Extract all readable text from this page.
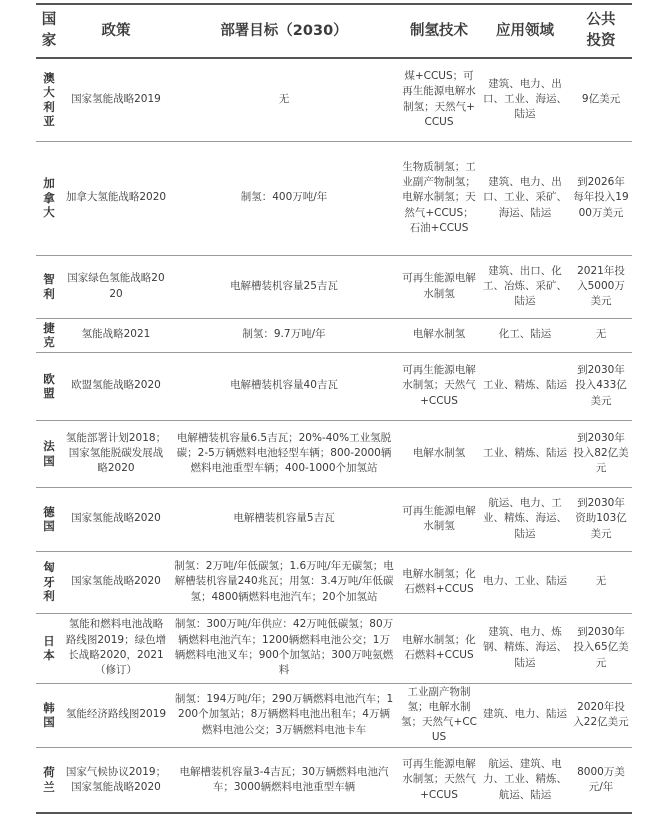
国家	政策	部署目标（2030）	制氢技术	应用领域	公共投资

澳大利亚	国家氢能战略2019	无	煤+CCUS；可再生能源电解水制氢；天然气+CCUS	建筑、电力、出口、工业、海运、陆运	9亿美元

加拿大	加拿大氢能战略2020	制氢：400万吨/年	生物质制氢；工业副产物制氢；电解水制氢；天然气+CCUS；石油+CCUS	建筑、电力、出口、工业、采矿、海运、陆运	到2026年每年投入1900万美元

智利	国家绿色氢能战略2020	电解槽装机容量25吉瓦	可再生能源电解水制氢	建筑、出口、化工、冶炼、采矿、陆运	2021年投入5000万美元

捷克	氢能战略2021	制氢：9.7万吨/年	电解水制氢	化工、陆运	无

欧盟	欧盟氢能战略2020	电解槽装机容量40吉瓦	可再生能源电解水制氢；天然气+CCUS	工业、精炼、陆运	到2030年投入433亿美元

法国	氢能部署计划2018；国家氢能脱碳发展战略2020	电解槽装机容量6.5吉瓦；20%-40%工业氢脱碳；2-5万辆燃料电池轻型车辆；800-2000辆燃料电池重型车辆；400-1000个加氢站	电解水制氢	工业、精炼、陆运	到2030年投入82亿美元

德国	国家氢能战略2020	电解槽装机容量5吉瓦	可再生能源电解水制氢	航运、电力、工业、精炼、海运、陆运	到2030年资助103亿美元

匈牙利	国家氢能战略2020	制氢：2万吨/年低碳氢；1.6万吨/年无碳氢；电解槽装机容量240兆瓦；用氢：3.4万吨/年低碳氢；4800辆燃料电池汽车；20个加氢站	电解水制氢；化石燃料+CCUS	电力、工业、陆运	无

日本	氢能和燃料电池战略路线图2019；绿色增长战略2020，2021（修订）	制氢：300万吨/年供应：42万吨低碳氢；80万辆燃料电池汽车；1200辆燃料电池公交；1万辆燃料电池叉车；900个加氢站；300万吨氨燃料	电解水制氢；化石燃料+CCUS	建筑、电力、炼钢、精炼、海运、陆运	到2030年投入65亿美元

韩国	氢能经济路线图2019	制氢：194万吨/年；290万辆燃料电池汽车；1200个加氢站；8万辆燃料电池出租车；4万辆燃料电池公交；3万辆燃料电池卡车	工业副产物制氢；电解水制氢；天然气+CCUS	建筑、电力、陆运	2020年投入22亿美元

荷兰	国家气候协议2019；国家氢能战略2020	电解槽装机容量3-4吉瓦；30万辆燃料电池汽车；3000辆燃料电池重型车辆	可再生能源电解水制氢；天然气+CCUS	航运、建筑、电力、工业、精炼、航运、陆运	8000万美元/年
